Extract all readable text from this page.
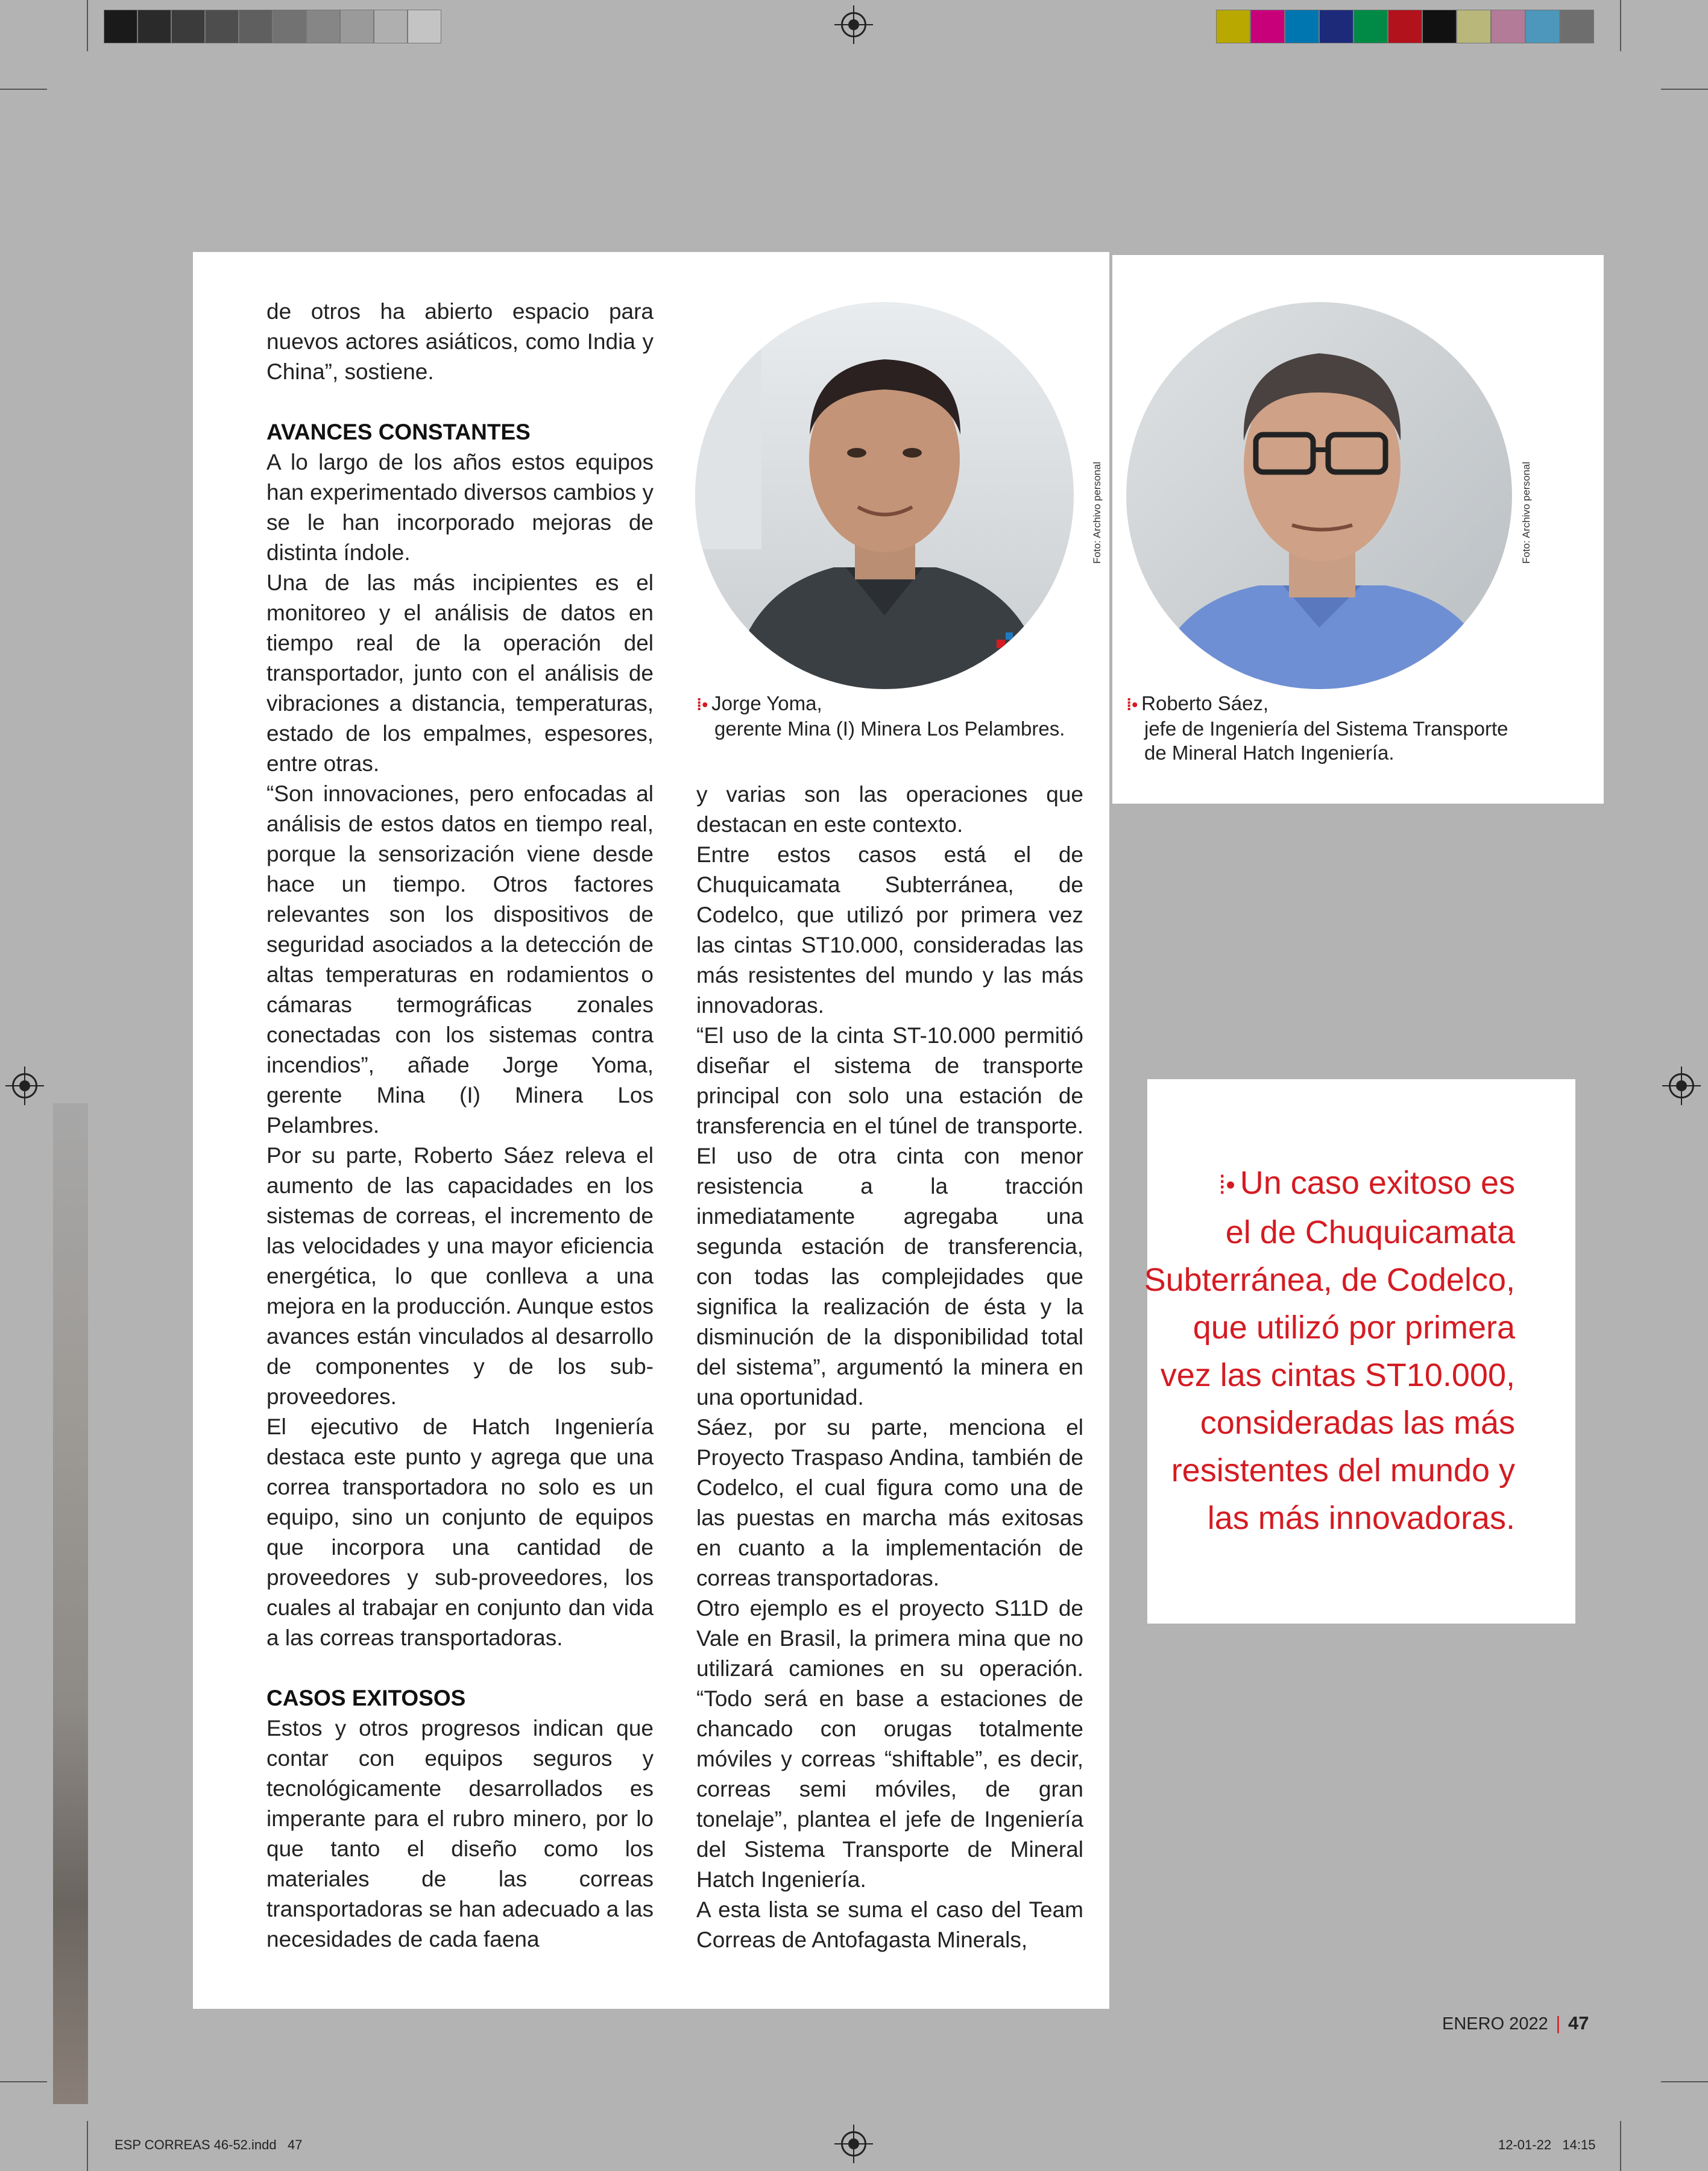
de otros ha abierto espacio para nuevos actores asiáticos, como India y China”, sostiene.

AVANCES CONSTANTES

A lo largo de los años estos equipos han experimentado diversos cambios y se le han incorporado mejoras de distinta índole.

Una de las más incipientes es el monitoreo y el análisis de datos en tiempo real de la operación del transportador, junto con el análisis de vibraciones a distancia, temperaturas, estado de los empalmes, espesores, entre otras.

“Son innovaciones, pero enfocadas al análisis de estos datos en tiempo real, porque la sensorización viene desde hace un tiempo. Otros factores relevantes son los dispositivos de seguridad asociados a la detección de altas temperaturas en rodamientos o cámaras termográficas zonales conectadas con los sistemas contra incendios”, añade Jorge Yoma, gerente Mina (I) Minera Los Pelambres.

Por su parte, Roberto Sáez releva el aumento de las capacidades en los sistemas de correas, el incremento de las velocidades y una mayor eficiencia energética, lo que conlleva a una mejora en la producción. Aunque estos avances están vinculados al desarrollo de componentes y de los sub-proveedores.

El ejecutivo de Hatch Ingeniería destaca este punto y agrega que una correa transportadora no solo es un equipo, sino un conjunto de equipos que incorpora una cantidad de proveedores y sub-proveedores, los cuales al trabajar en conjunto dan vida a las correas transportadoras.

CASOS EXITOSOS

Estos y otros progresos indican que contar con equipos seguros y tecnológicamente desarrollados es imperante para el rubro minero, por lo que tanto el diseño como los materiales de las correas transportadoras se han adecuado a las necesidades de cada faena

y varias son las operaciones que destacan en este contexto.

Entre estos casos está el de Chuquicamata Subterránea, de Codelco, que utilizó por primera vez las cintas ST10.000, consideradas las más resistentes del mundo y las más innovadoras.

“El uso de la cinta ST-10.000 permitió diseñar el sistema de transporte principal con solo una estación de transferencia en el túnel de transporte. El uso de otra cinta con menor resistencia a la tracción inmediatamente agregaba una segunda estación de transferencia, con todas las complejidades que significa la realización de ésta y la disminución de la disponibilidad total del sistema”, argumentó la minera en una oportunidad.

Sáez, por su parte, menciona el Proyecto Traspaso Andina, también de Codelco, el cual figura como una de las puestas en marcha más exitosas en cuanto a la implementación de correas transportadoras.

Otro ejemplo es el proyecto S11D de Vale en Brasil, la primera mina que no utilizará camiones en su operación. “Todo será en base a estaciones de chancado con orugas totalmente móviles y correas “shiftable”, es decir, correas semi móviles, de gran tonelaje”, plantea el jefe de Ingeniería del Sistema Transporte de Mineral Hatch Ingeniería.

A esta lista se suma el caso del Team Correas de Antofagasta Minerals,

Foto: Archivo personal
⁞• Jorge Yoma,
gerente Mina (I) Minera Los Pelambres.
Foto: Archivo personal
⁞• Roberto Sáez,
jefe de Ingeniería del Sistema Transporte
de Mineral Hatch Ingeniería.
⁞• Un caso exitoso es
el de Chuquicamata
Subterránea, de Codelco,
que utilizó por primera
vez las cintas ST10.000,
consideradas las más
resistentes del mundo y
las más innovadoras.
ENERO 2022 | 47
ESP CORREAS 46-52.indd   47	12-01-22   14:15
